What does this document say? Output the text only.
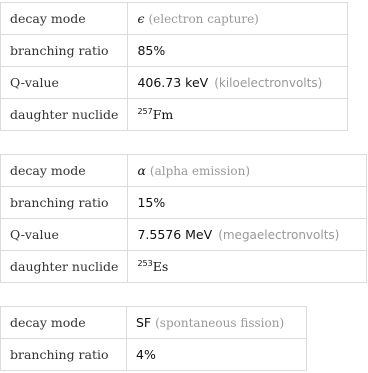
decay mode	ϵ (electron capture)
branching ratio	85%
Q-value	406.73 keV (kiloelectronvolts)
daughter nuclide	$^{257}$Fm
decay mode	α (alpha emission)
branching ratio	15%
Q-value	7.5576 MeV (megaelectronvolts)
daughter nuclide	$^{253}$Es
decay mode	SF (spontaneous fission)
branching ratio	4%
